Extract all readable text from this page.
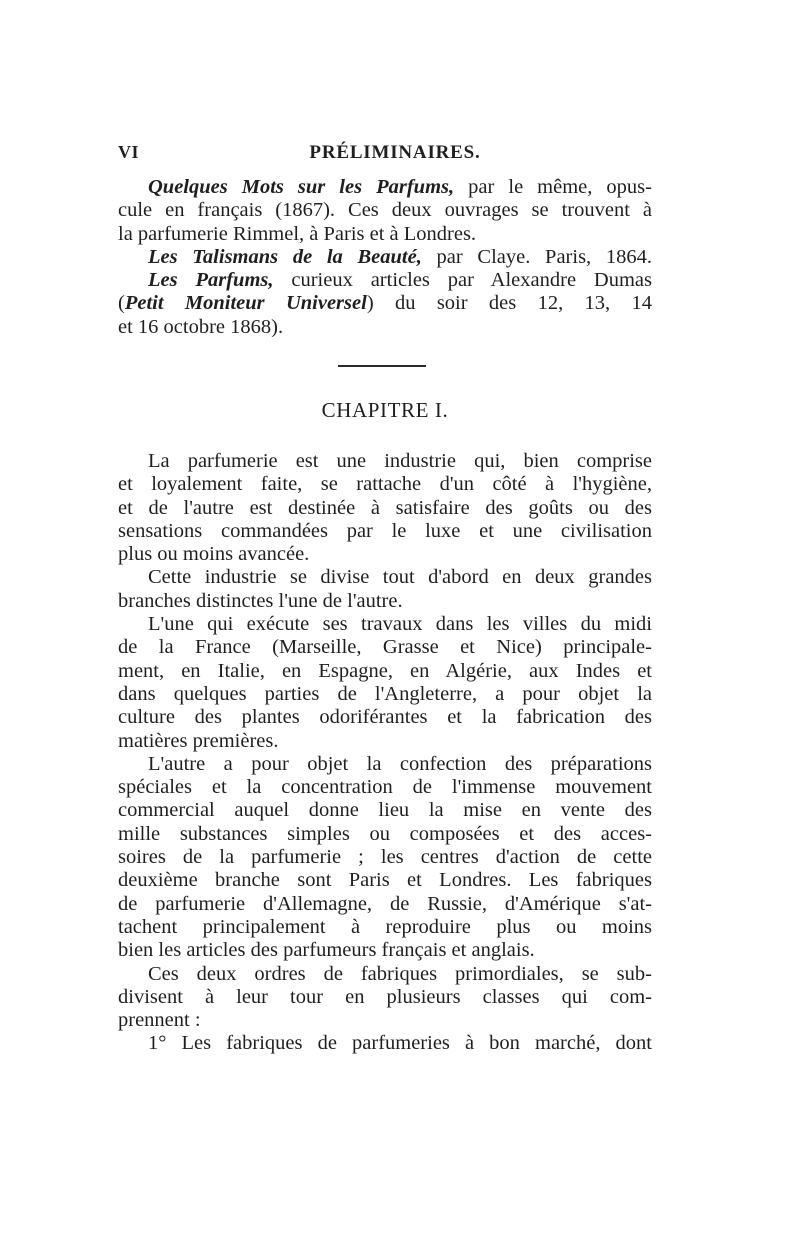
VI	PRÉLIMINAIRES.
Quelques Mots sur les Parfums, par le même, opus-
cule en français (1867). Ces deux ouvrages se trouvent à
la parfumerie Rimmel, à Paris et à Londres.
Les Talismans de la Beauté, par Claye. Paris, 1864.
Les Parfums, curieux articles par Alexandre Dumas
(Petit Moniteur Universel) du soir des 12, 13, 14
et 16 octobre 1868).
CHAPITRE I.
La parfumerie est une industrie qui, bien comprise
et loyalement faite, se rattache d'un côté à l'hygiène,
et de l'autre est destinée à satisfaire des goûts ou des
sensations commandées par le luxe et une civilisation
plus ou moins avancée.
Cette industrie se divise tout d'abord en deux grandes
branches distinctes l'une de l'autre.
L'une qui exécute ses travaux dans les villes du midi
de la France (Marseille, Grasse et Nice) principale-
ment, en Italie, en Espagne, en Algérie, aux Indes et
dans quelques parties de l'Angleterre, a pour objet la
culture des plantes odoriférantes et la fabrication des
matières premières.
L'autre a pour objet la confection des préparations
spéciales et la concentration de l'immense mouvement
commercial auquel donne lieu la mise en vente des
mille substances simples ou composées et des acces-
soires de la parfumerie ; les centres d'action de cette
deuxième branche sont Paris et Londres. Les fabriques
de parfumerie d'Allemagne, de Russie, d'Amérique s'at-
tachent principalement à reproduire plus ou moins
bien les articles des parfumeurs français et anglais.
Ces deux ordres de fabriques primordiales, se sub-
divisent à leur tour en plusieurs classes qui com-
prennent :
1° Les fabriques de parfumeries à bon marché, dont
